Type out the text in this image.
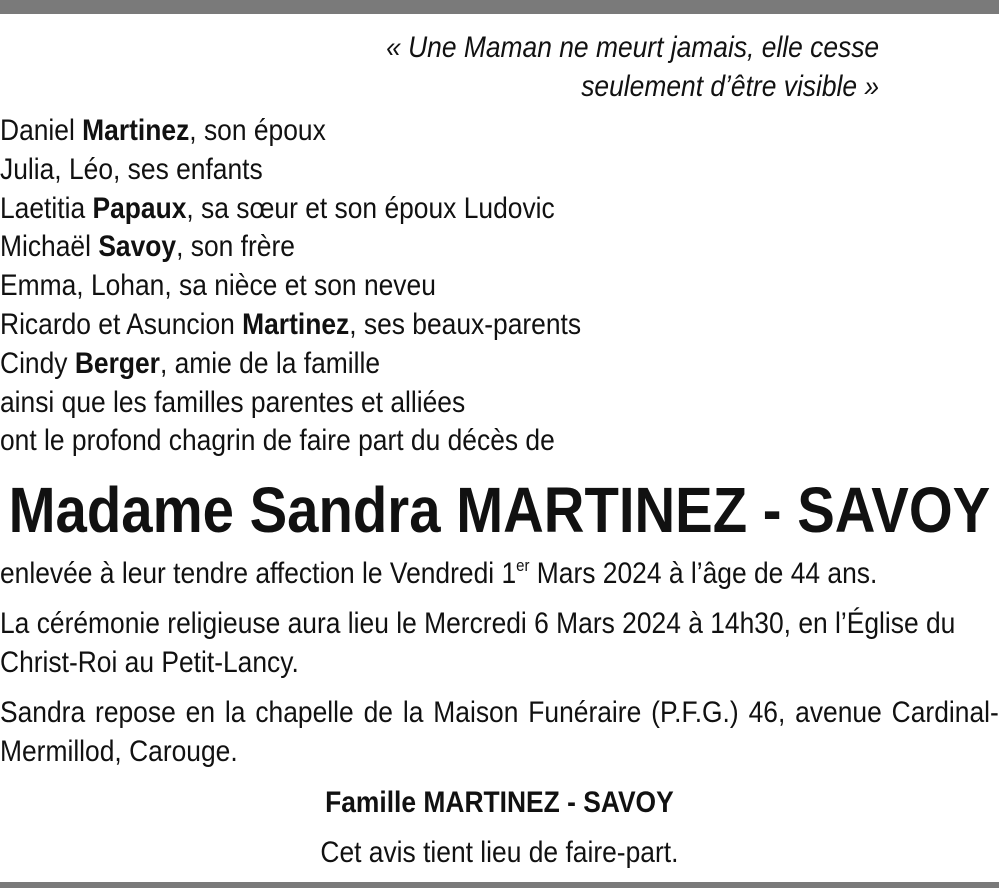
« Une Maman ne meurt jamais, elle cesse
seulement d’être visible »
Daniel Martinez, son époux
Julia, Léo, ses enfants
Laetitia Papaux, sa sœur et son époux Ludovic
Michaël Savoy, son frère
Emma, Lohan, sa nièce et son neveu
Ricardo et Asuncion Martinez, ses beaux-parents
Cindy Berger, amie de la famille
ainsi que les familles parentes et alliées
ont le profond chagrin de faire part du décès de
Madame Sandra MARTINEZ - SAVOY
enlevée à leur tendre affection le Vendredi 1er Mars 2024 à l’âge de 44 ans.
La cérémonie religieuse aura lieu le Mercredi 6 Mars 2024 à 14h30, en l’Église du Christ-Roi au Petit-Lancy.
Sandra repose en la chapelle de la Maison Funéraire (P.F.G.) 46, avenue Cardinal-Mermillod, Carouge.
Famille MARTINEZ - SAVOY
Cet avis tient lieu de faire-part.
